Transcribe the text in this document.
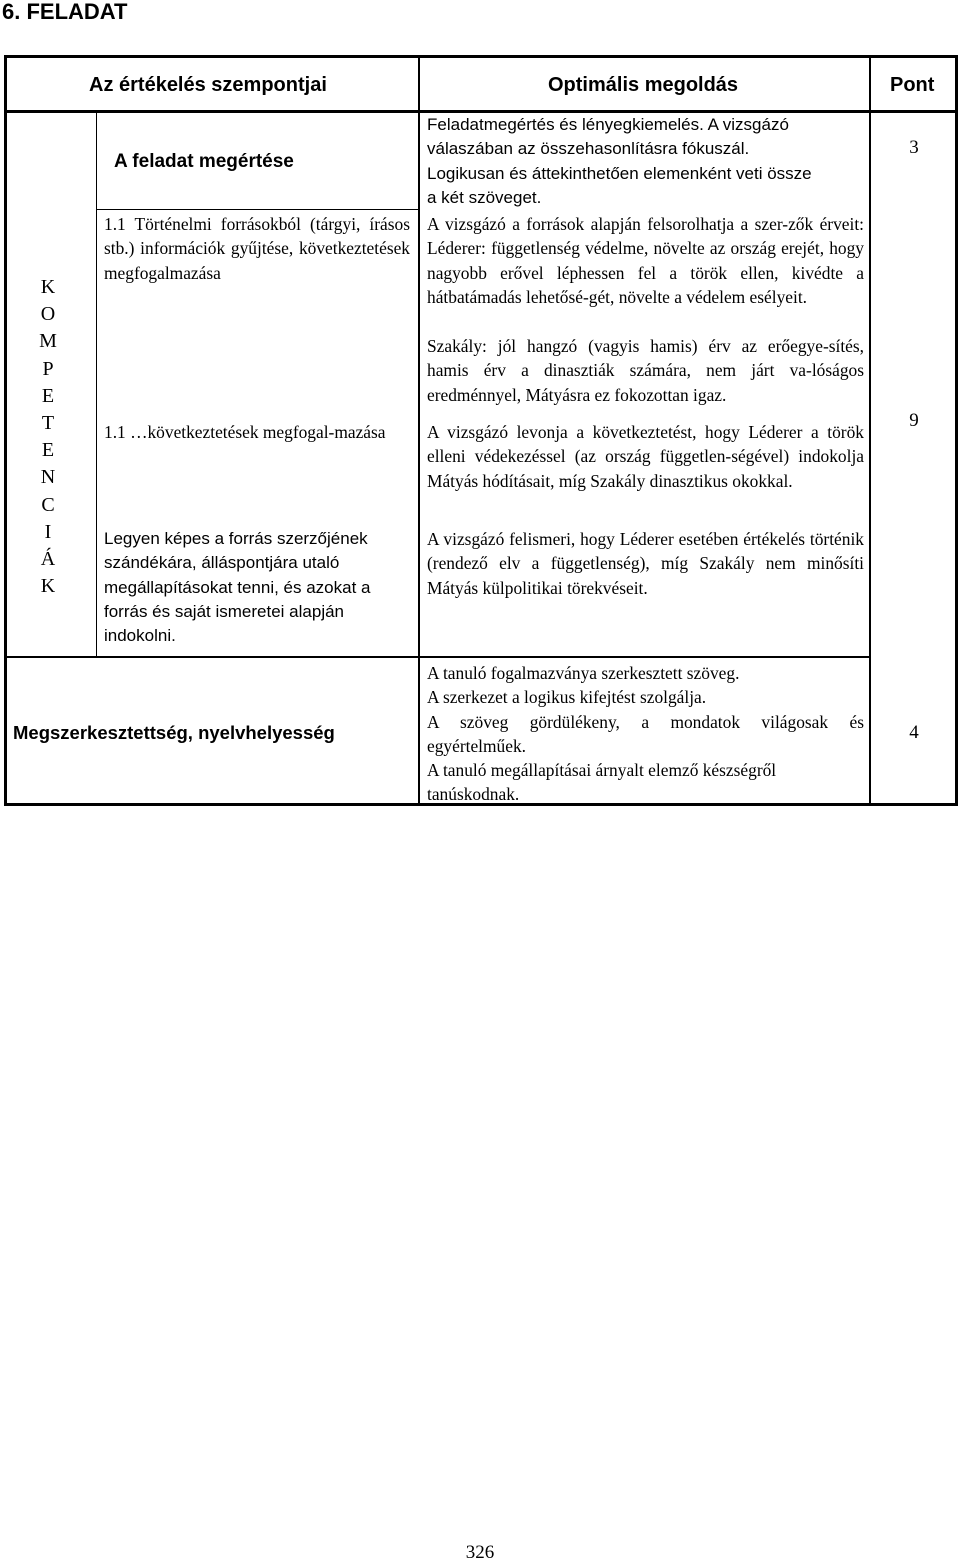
6. FELADAT
Az értékelés szempontjai	Optimális megoldás	Pont
K
O
M
P
E
T
E
N
C
I
Á
K
A feladat megértése
Feladatmegértés és lényegkiemelés. A vizsgázó
válaszában az összehasonlításra fókuszál.
Logikusan és áttekinthetően elemenként veti össze
a két szöveget.
3

1.1 Történelmi forrásokból (tárgyi, írásos stb.) információk gyűjtése, következtetések megfogalmazása

1.1 …következtetések megfogal-mazása

Legyen képes a forrás szerzőjének szándékára, álláspontjára utaló megállapításokat tenni, és azokat a forrás és saját ismeretei alapján indokolni.

A vizsgázó a források alapján felsorolhatja a szer-zők érveit: Léderer: függetlenség védelme, növelte az ország erejét, hogy nagyobb erővel léphessen fel a török ellen, kivédte a hátbatámadás lehetősé-gét, növelte a védelem esélyeit.

Szakály: jól hangzó (vagyis hamis) érv az erőegye-sítés, hamis érv a dinasztiák számára, nem járt va-lóságos eredménnyel, Mátyásra ez fokozottan igaz.

A vizsgázó levonja a következtetést, hogy Léderer a török elleni védekezéssel (az ország független-ségével) indokolja Mátyás hódításait, míg Szakály dinasztikus okokkal.

A vizsgázó felismeri, hogy Léderer esetében értékelés történik (rendező elv a függetlenség), míg Szakály nem minősíti Mátyás külpolitikai törekvéseit.

9
Megszerkesztettség, nyelvhelyesség
A tanuló fogalmazványa szerkesztett szöveg.
A szerkezet a logikus kifejtést szolgálja.
A szöveg gördülékeny, a mondatok világosak és egyértelműek.
A tanuló megállapításai árnyalt elemző készségről tanúskodnak.
4
326
